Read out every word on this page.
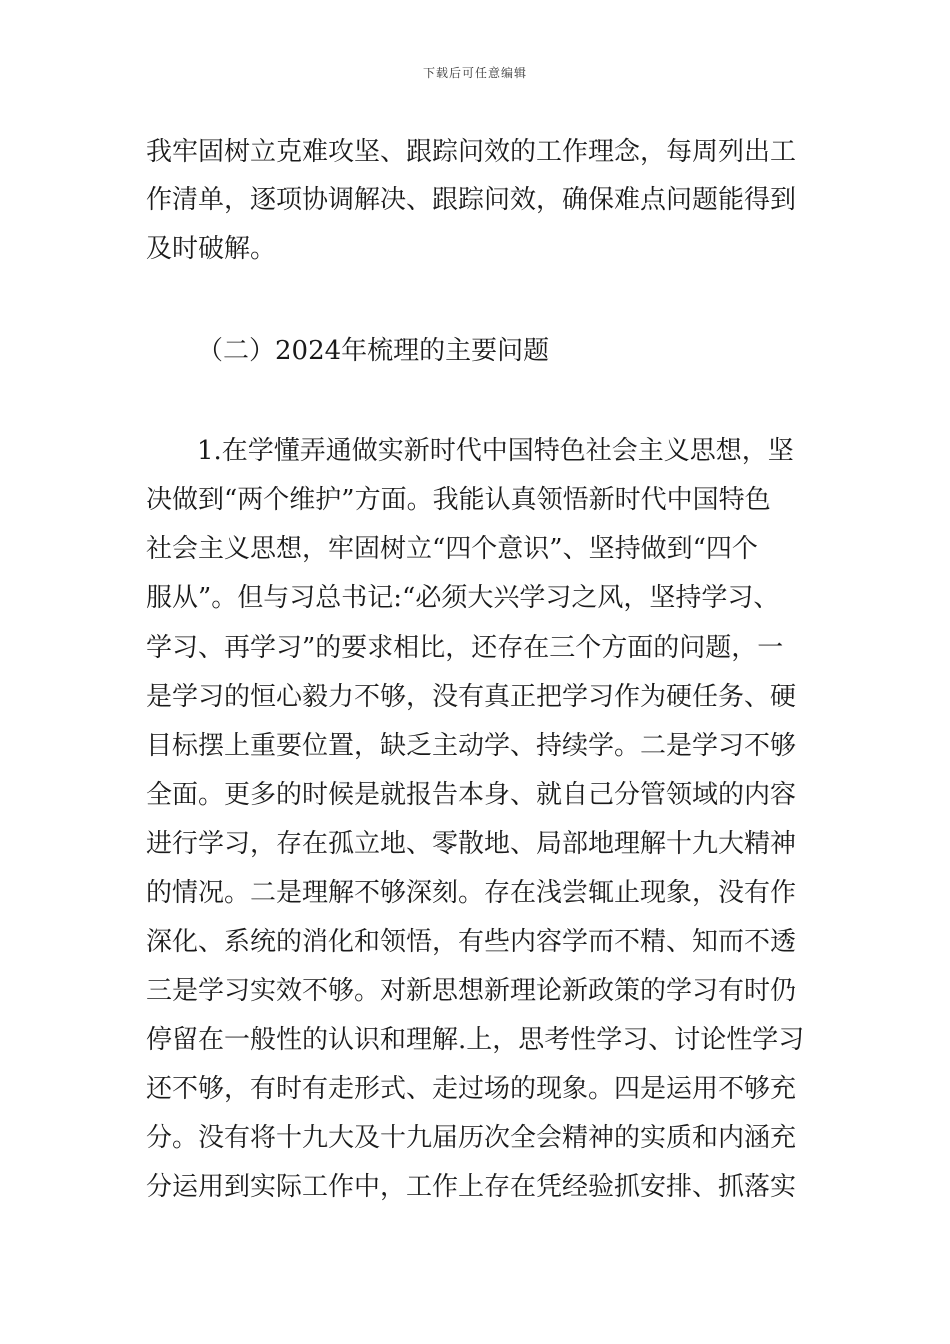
下载后可任意编辑
我牢固树立克难攻坚、跟踪问效的工作理念，每周列出工
作清单，逐项协调解决、跟踪问效，确保难点问题能得到
及时破解。
（二）2024年梳理的主要问题
1.在学懂弄通做实新时代中国特色社会主义思想，坚
决做到“两个维护”方面。我能认真领悟新时代中国特色
社会主义思想，牢固树立“四个意识”、坚持做到“四个
服从”。但与习总书记:“必须大兴学习之风，坚持学习、
学习、再学习”的要求相比，还存在三个方面的问题，一
是学习的恒心毅力不够，没有真正把学习作为硬任务、硬
目标摆上重要位置，缺乏主动学、持续学。二是学习不够
全面。更多的时候是就报告本身、就自己分管领域的内容
进行学习，存在孤立地、零散地、局部地理解十九大精神
的情况。二是理解不够深刻。存在浅尝辄止现象，没有作
深化、系统的消化和领悟，有些内容学而不精、知而不透
三是学习实效不够。对新思想新理论新政策的学习有时仍
停留在一般性的认识和理解.上，思考性学习、讨论性学习
还不够，有时有走形式、走过场的现象。四是运用不够充
分。没有将十九大及十九届历次全会精神的实质和内涵充
分运用到实际工作中，工作上存在凭经验抓安排、抓落实
